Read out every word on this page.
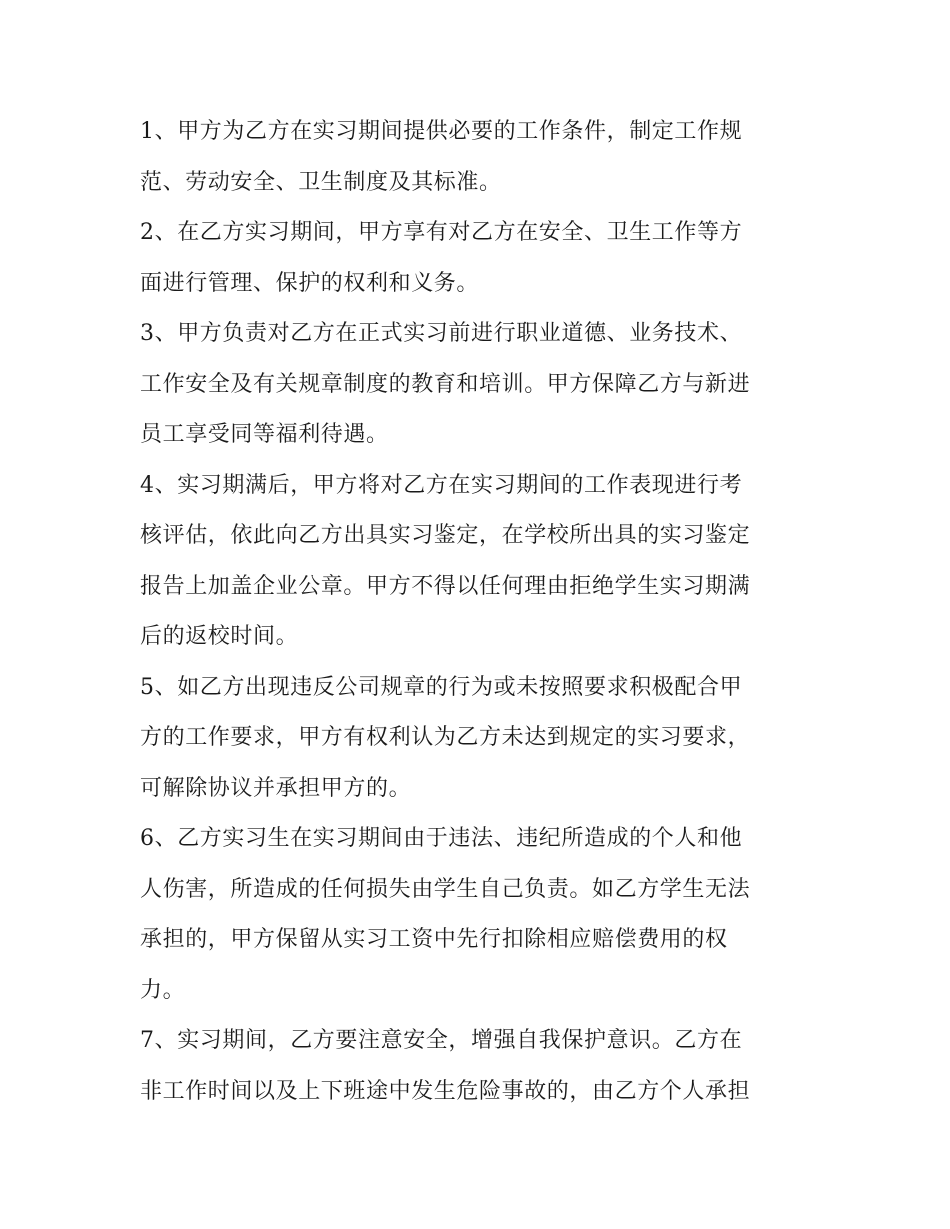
1、甲方为乙方在实习期间提供必要的工作条件，制定工作规
范、劳动安全、卫生制度及其标准。
2、在乙方实习期间，甲方享有对乙方在安全、卫生工作等方
面进行管理、保护的权利和义务。
3、甲方负责对乙方在正式实习前进行职业道德、业务技术、
工作安全及有关规章制度的教育和培训。甲方保障乙方与新进
员工享受同等福利待遇。
4、实习期满后，甲方将对乙方在实习期间的工作表现进行考
核评估，依此向乙方出具实习鉴定，在学校所出具的实习鉴定
报告上加盖企业公章。甲方不得以任何理由拒绝学生实习期满
后的返校时间。
5、如乙方出现违反公司规章的行为或未按照要求积极配合甲
方的工作要求，甲方有权利认为乙方未达到规定的实习要求，
可解除协议并承担甲方的。
6、乙方实习生在实习期间由于违法、违纪所造成的个人和他
人伤害，所造成的任何损失由学生自己负责。如乙方学生无法
承担的，甲方保留从实习工资中先行扣除相应赔偿费用的权
力。
7、实习期间，乙方要注意安全，增强自我保护意识。乙方在
非工作时间以及上下班途中发生危险事故的，由乙方个人承担
